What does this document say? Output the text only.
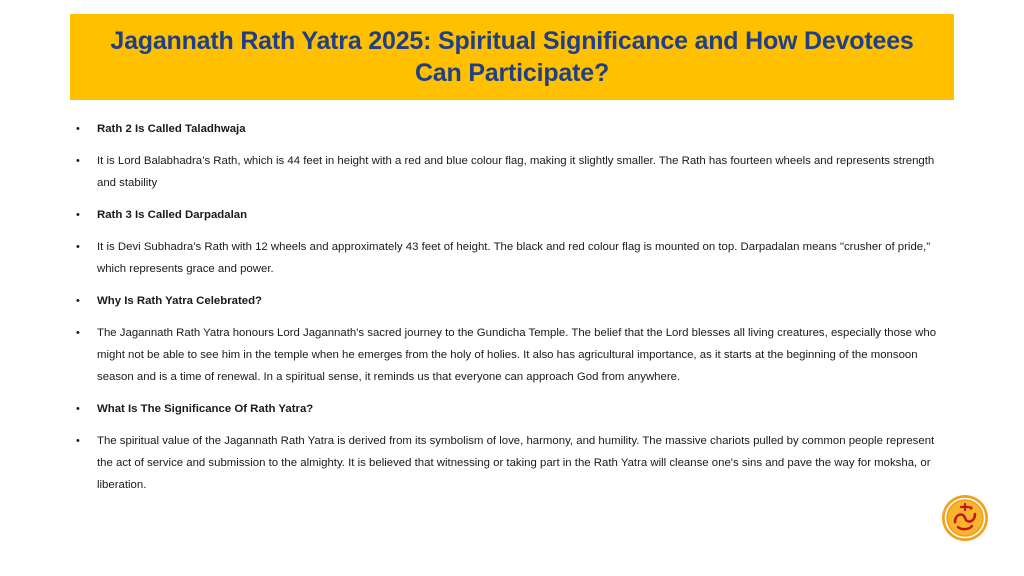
Jagannath Rath Yatra 2025: Spiritual Significance and How Devotees Can Participate?
• Rath 2 Is Called Taladhwaja
• It is Lord Balabhadra’s Rath, which is 44 feet in height with a red and blue colour flag, making it slightly smaller. The Rath has fourteen wheels and represents strength and stability
• Rath 3 Is Called Darpadalan
• It is Devi Subhadra’s Rath with 12 wheels and approximately 43 feet of height. The black and red colour flag is mounted on top. Darpadalan means "crusher of pride," which represents grace and power.
• Why Is Rath Yatra Celebrated?
• The Jagannath Rath Yatra honours Lord Jagannath's sacred journey to the Gundicha Temple. The belief that the Lord blesses all living creatures, especially those who might not be able to see him in the temple when he emerges from the holy of holies. It also has agricultural importance, as it starts at the beginning of the monsoon season and is a time of renewal. In a spiritual sense, it reminds us that everyone can approach God from anywhere.
• What Is The Significance Of Rath Yatra?
• The spiritual value of the Jagannath Rath Yatra is derived from its symbolism of love, harmony, and humility. The massive chariots pulled by common people represent the act of service and submission to the almighty. It is believed that witnessing or taking part in the Rath Yatra will cleanse one's sins and pave the way for moksha, or liberation.
